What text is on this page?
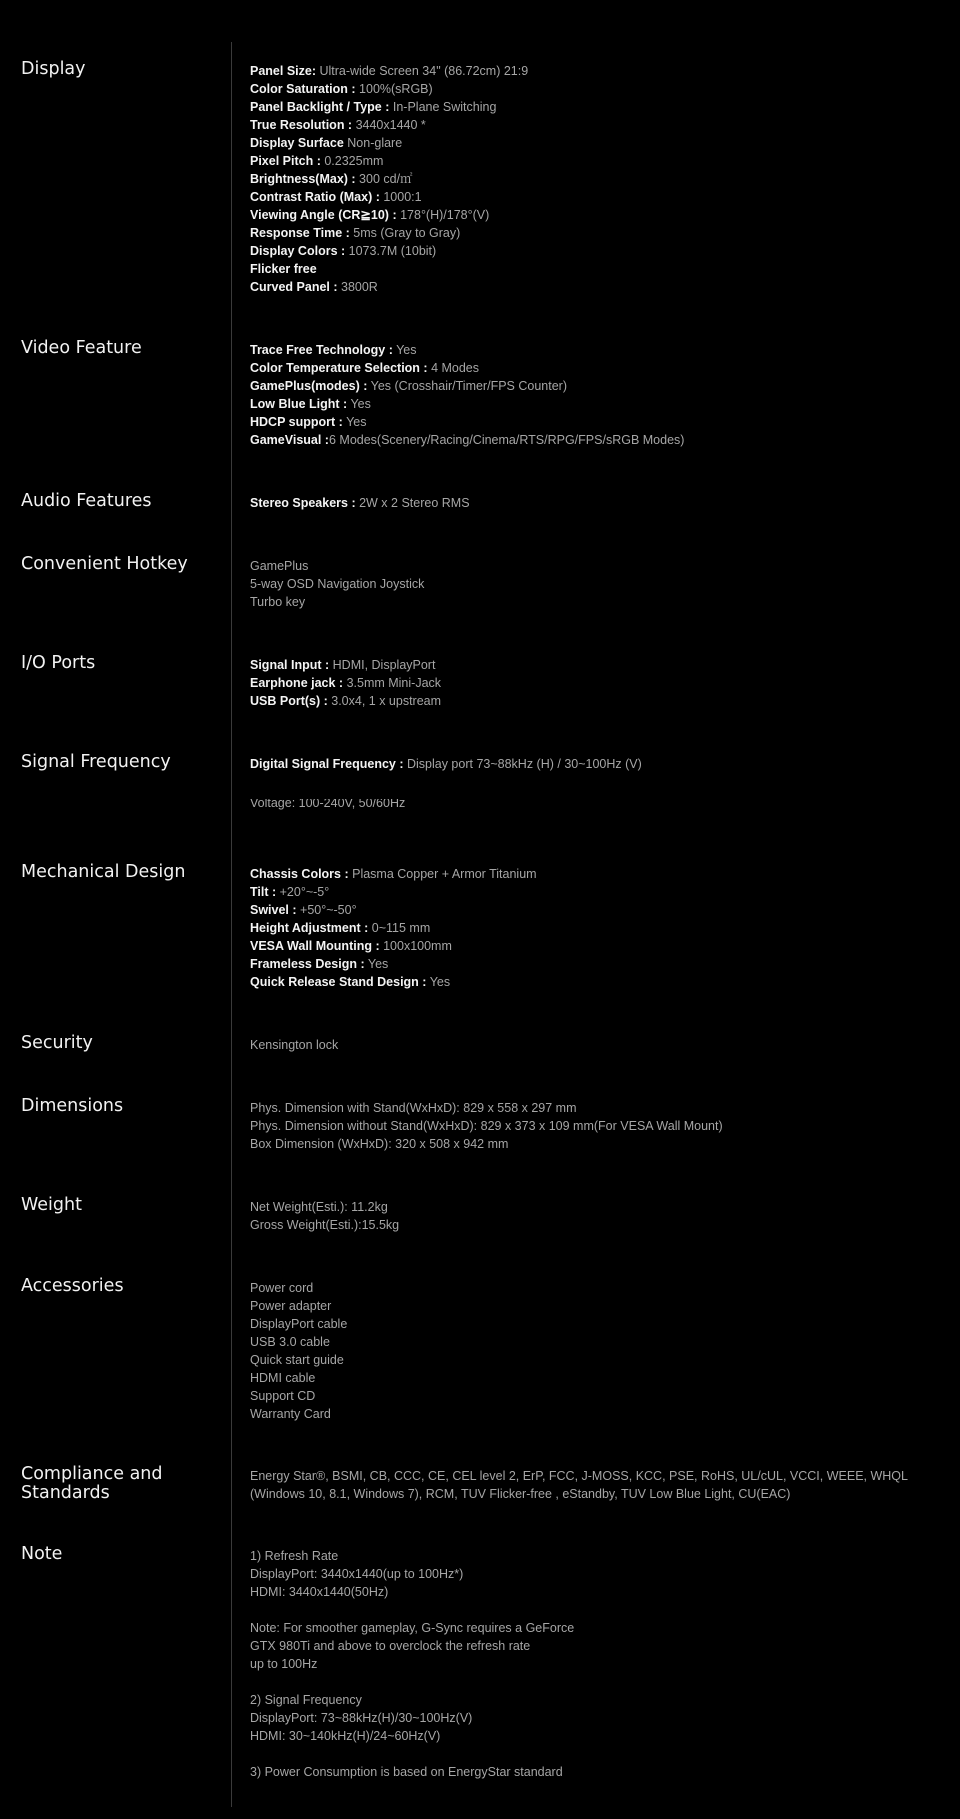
Display	Panel Size: Ultra-wide Screen 34" (86.72cm) 21:9
Color Saturation : 100%(sRGB)
Panel Backlight / Type : In-Plane Switching
True Resolution : 3440x1440 *
Display Surface Non-glare
Pixel Pitch : 0.2325mm
Brightness(Max) : 300 cd/㎡
Contrast Ratio (Max) : 1000:1
Viewing Angle (CR≧10) : 178°(H)/178°(V)
Response Time : 5ms (Gray to Gray)
Display Colors : 1073.7M (10bit)
Flicker free
Curved Panel : 3800R
Video Feature	Trace Free Technology : Yes
Color Temperature Selection : 4 Modes
GamePlus(modes) : Yes (Crosshair/Timer/FPS Counter)
Low Blue Light : Yes
HDCP support : Yes
GameVisual :6 Modes(Scenery/Racing/Cinema/RTS/RPG/FPS/sRGB Modes)
Audio Features	Stereo Speakers : 2W x 2 Stereo RMS
Convenient Hotkey	GamePlus
5-way OSD Navigation Joystick
Turbo key
I/O Ports	Signal Input : HDMI, DisplayPort
Earphone jack : 3.5mm Mini-Jack
USB Port(s) : 3.0x4, 1 x upstream
Signal Frequency	Digital Signal Frequency : Display port 73~88kHz (H) / 30~100Hz (V)
Voltage: 100-240V, 50/60Hz
Mechanical Design	Chassis Colors : Plasma Copper + Armor Titanium
Tilt : +20°~-5°
Swivel : +50°~-50°
Height Adjustment : 0~115 mm
VESA Wall Mounting : 100x100mm
Frameless Design : Yes
Quick Release Stand Design : Yes
Security	Kensington lock
Dimensions	Phys. Dimension with Stand(WxHxD): 829 x 558 x 297 mm
Phys. Dimension without Stand(WxHxD): 829 x 373 x 109 mm(For VESA Wall Mount)
Box Dimension (WxHxD): 320 x 508 x 942 mm
Weight	Net Weight(Esti.): 11.2kg
Gross Weight(Esti.):15.5kg
Accessories	Power cord
Power adapter
DisplayPort cable
USB 3.0 cable
Quick start guide
HDMI cable
Support CD
Warranty Card
Compliance and
Standards
Energy Star®, BSMI, CB, CCC, CE, CEL level 2, ErP, FCC, J-MOSS, KCC, PSE, RoHS, UL/cUL, VCCI, WEEE, WHQL (Windows 10, 8.1, Windows 7), RCM, TUV Flicker-free , eStandby, TUV Low Blue Light, CU(EAC)
Note	1) Refresh Rate
DisplayPort: 3440x1440(up to 100Hz*)
HDMI: 3440x1440(50Hz)
Note: For smoother gameplay, G-Sync requires a GeForce
GTX 980Ti and above to overclock the refresh rate
up to 100Hz
2) Signal Frequency
DisplayPort: 73~88kHz(H)/30~100Hz(V)
HDMI: 30~140kHz(H)/24~60Hz(V)
3) Power Consumption is based on EnergyStar standard
